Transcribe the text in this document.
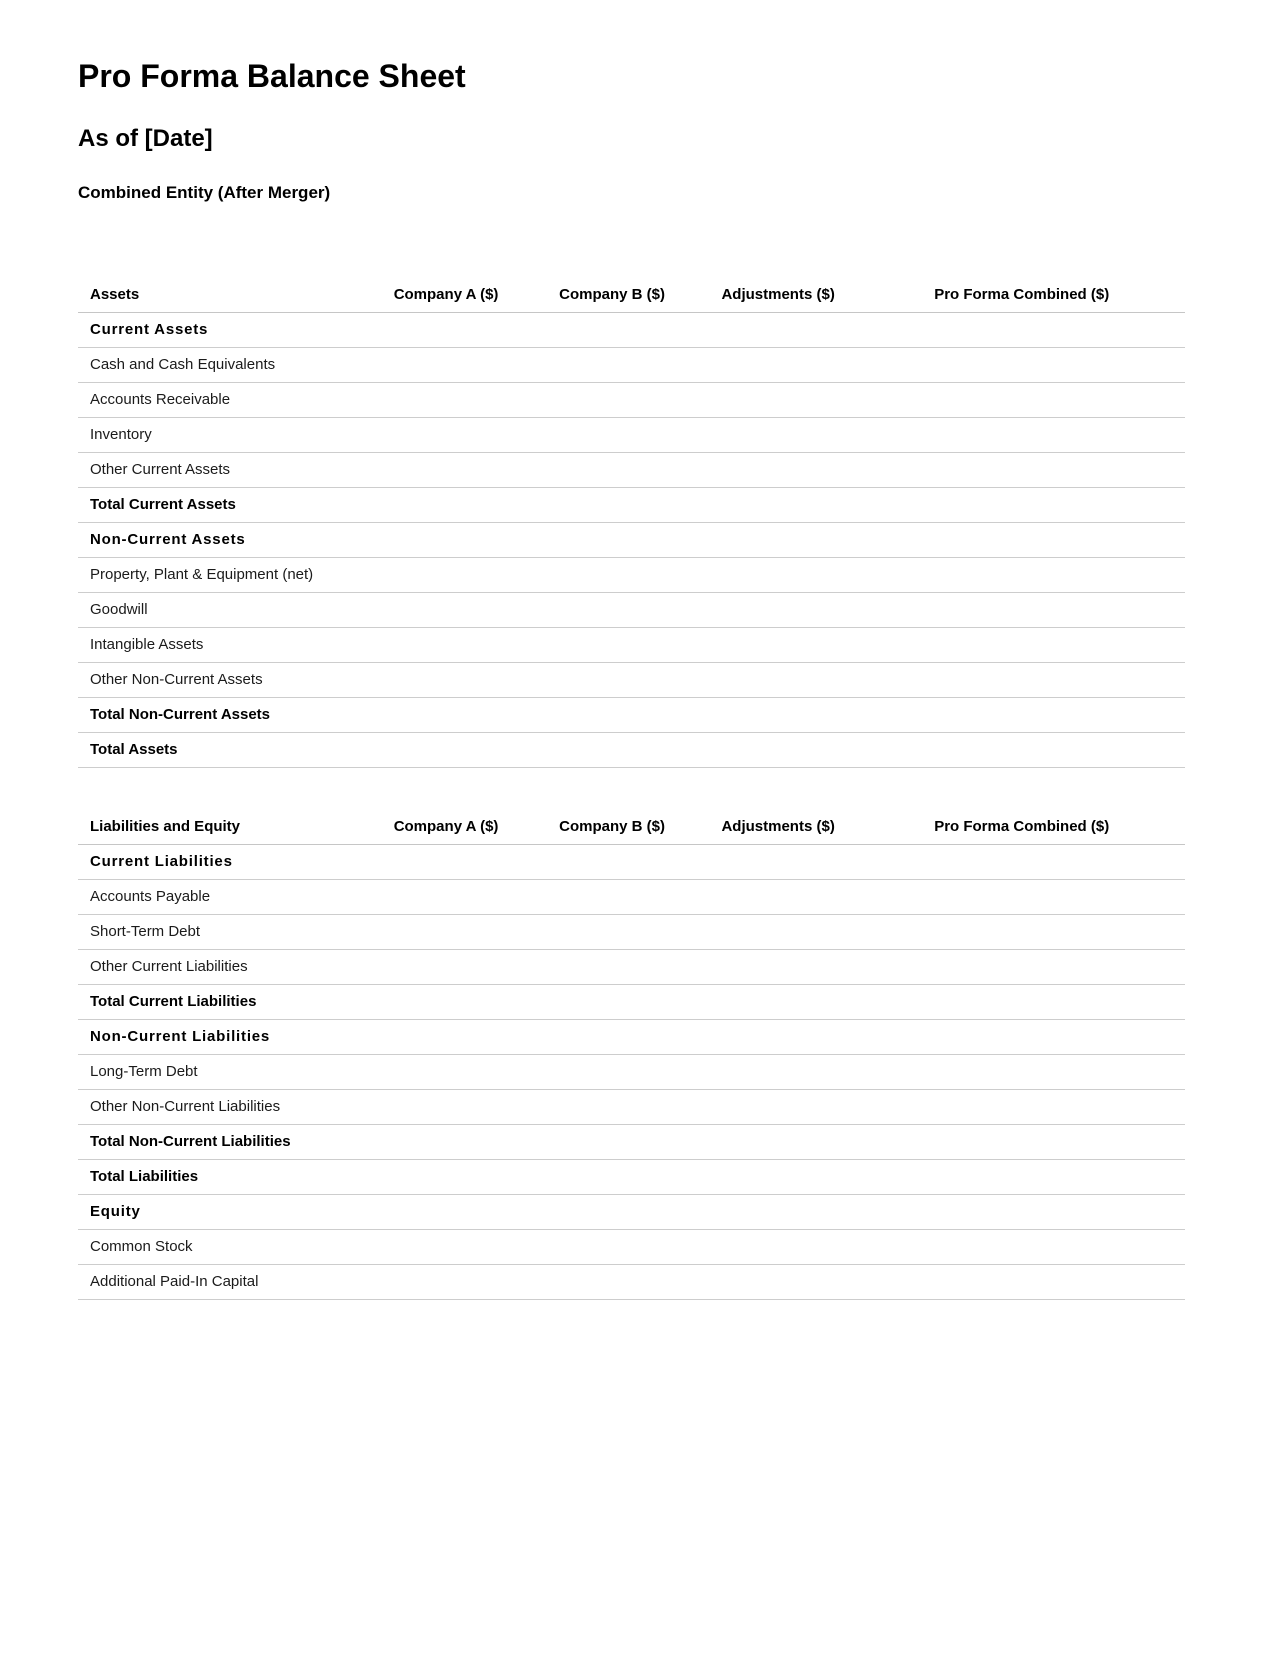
Pro Forma Balance Sheet
As of [Date]
Combined Entity (After Merger)
Assets	Company A ($)	Company B ($)	Adjustments ($)	Pro Forma Combined ($)
Current Assets				
Cash and Cash Equivalents				
Accounts Receivable				
Inventory				
Other Current Assets				
Total Current Assets				
Non-Current Assets				
Property, Plant & Equipment (net)				
Goodwill				
Intangible Assets				
Other Non-Current Assets				
Total Non-Current Assets				
Total Assets				
Liabilities and Equity	Company A ($)	Company B ($)	Adjustments ($)	Pro Forma Combined ($)
Current Liabilities				
Accounts Payable				
Short-Term Debt				
Other Current Liabilities				
Total Current Liabilities				
Non-Current Liabilities				
Long-Term Debt				
Other Non-Current Liabilities				
Total Non-Current Liabilities				
Total Liabilities				
Equity				
Common Stock				
Additional Paid-In Capital				
